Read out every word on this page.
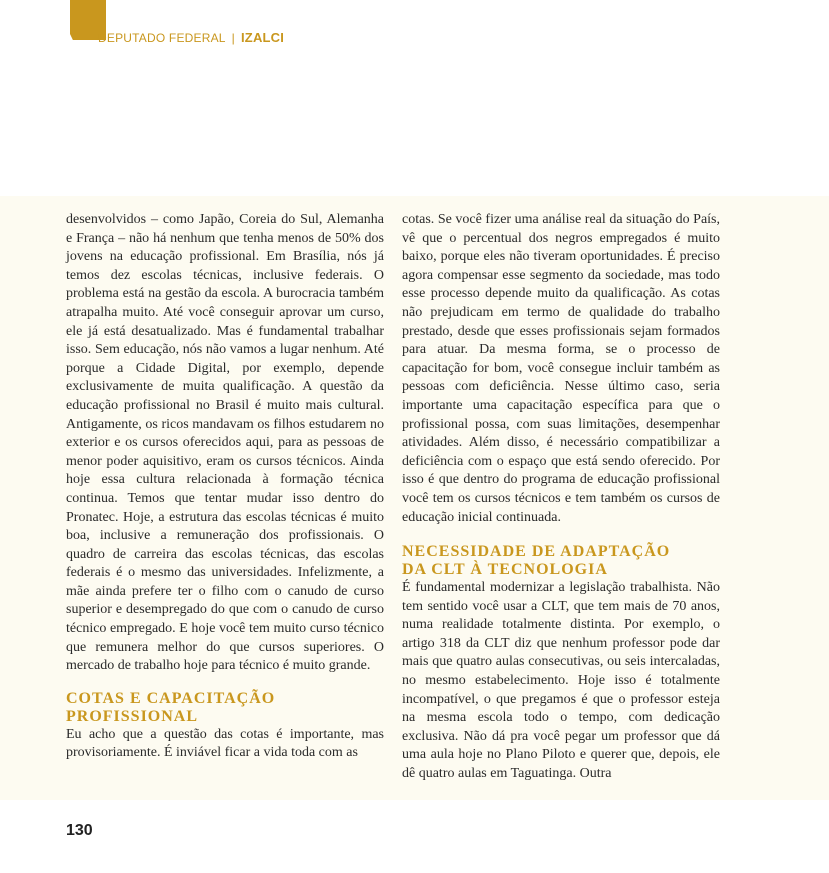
DEPUTADO FEDERAL | IZALCI

desenvolvidos – como Japão, Coreia do Sul, Alemanha e França – não há nenhum que tenha menos de 50% dos jovens na educação profissional. Em Brasília, nós já temos dez escolas técnicas, inclusive federais. O problema está na gestão da escola. A burocracia também atrapalha muito. Até você conseguir aprovar um curso, ele já está desatualizado. Mas é fundamental trabalhar isso. Sem educação, nós não vamos a lugar nenhum. Até porque a Cidade Digital, por exemplo, depende exclusivamente de muita qualificação. A questão da educação profissional no Brasil é muito mais cultural. Antigamente, os ricos mandavam os filhos estudarem no exterior e os cursos oferecidos aqui, para as pessoas de menor poder aquisitivo, eram os cursos técnicos. Ainda hoje essa cultura relacionada à formação técnica continua. Temos que tentar mudar isso dentro do Pronatec. Hoje, a estrutura das escolas técnicas é muito boa, inclusive a remuneração dos profissionais. O quadro de carreira das escolas técnicas, das escolas federais é o mesmo das universidades. Infelizmente, a mãe ainda prefere ter o filho com o canudo de curso superior e desempregado do que com o canudo de curso técnico empregado. E hoje você tem muito curso técnico que remunera melhor do que cursos superiores. O mercado de trabalho hoje para técnico é muito grande.

COTAS E CAPACITAÇÃO
PROFISSIONAL

Eu acho que a questão das cotas é importante, mas provisoriamente. É inviável ficar a vida toda com as

cotas. Se você fizer uma análise real da situação do País, vê que o percentual dos negros empregados é muito baixo, porque eles não tiveram oportunidades. É preciso agora compensar esse segmento da sociedade, mas todo esse processo depende muito da qualificação. As cotas não prejudicam em termo de qualidade do trabalho prestado, desde que esses profissionais sejam formados para atuar. Da mesma forma, se o processo de capacitação for bom, você consegue incluir também as pessoas com deficiência. Nesse último caso, seria importante uma capacitação específica para que o profissional possa, com suas limitações, desempenhar atividades. Além disso, é necessário compatibilizar a deficiência com o espaço que está sendo oferecido. Por isso é que dentro do programa de educação profissional você tem os cursos técnicos e tem também os cursos de educação inicial continuada.

NECESSIDADE DE ADAPTAÇÃO
DA CLT À TECNOLOGIA

É fundamental modernizar a legislação trabalhista. Não tem sentido você usar a CLT, que tem mais de 70 anos, numa realidade totalmente distinta. Por exemplo, o artigo 318 da CLT diz que nenhum professor pode dar mais que quatro aulas consecutivas, ou seis intercaladas, no mesmo estabelecimento. Hoje isso é totalmente incompatível, o que pregamos é que o professor esteja na mesma escola todo o tempo, com dedicação exclusiva. Não dá pra você pegar um professor que dá uma aula hoje no Plano Piloto e querer que, depois, ele dê quatro aulas em Taguatinga. Outra

130
